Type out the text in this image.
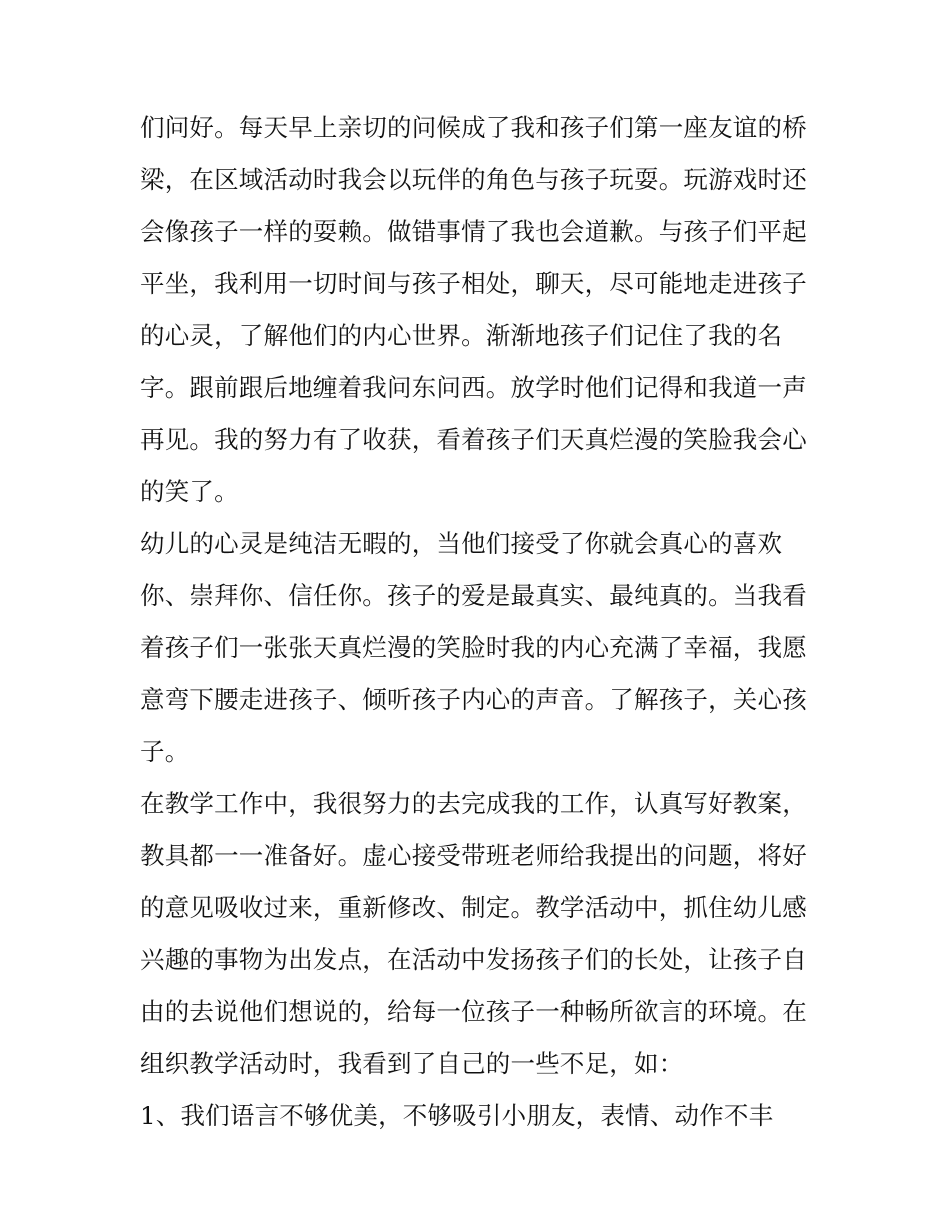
们问好。每天早上亲切的问候成了我和孩子们第一座友谊的桥
梁，在区域活动时我会以玩伴的角色与孩子玩耍。玩游戏时还
会像孩子一样的耍赖。做错事情了我也会道歉。与孩子们平起
平坐，我利用一切时间与孩子相处，聊天，尽可能地走进孩子
的心灵，了解他们的内心世界。渐渐地孩子们记住了我的名
字。跟前跟后地缠着我问东问西。放学时他们记得和我道一声
再见。我的努力有了收获，看着孩子们天真烂漫的笑脸我会心
的笑了。
幼儿的心灵是纯洁无暇的，当他们接受了你就会真心的喜欢
你、崇拜你、信任你。孩子的爱是最真实、最纯真的。当我看
着孩子们一张张天真烂漫的笑脸时我的内心充满了幸福，我愿
意弯下腰走进孩子、倾听孩子内心的声音。了解孩子，关心孩
子。
在教学工作中，我很努力的去完成我的工作，认真写好教案，
教具都一一准备好。虚心接受带班老师给我提出的问题，将好
的意见吸收过来，重新修改、制定。教学活动中，抓住幼儿感
兴趣的事物为出发点，在活动中发扬孩子们的长处，让孩子自
由的去说他们想说的，给每一位孩子一种畅所欲言的环境。在
组织教学活动时，我看到了自己的一些不足，如：
1、我们语言不够优美，不够吸引小朋友，表情、动作不丰
